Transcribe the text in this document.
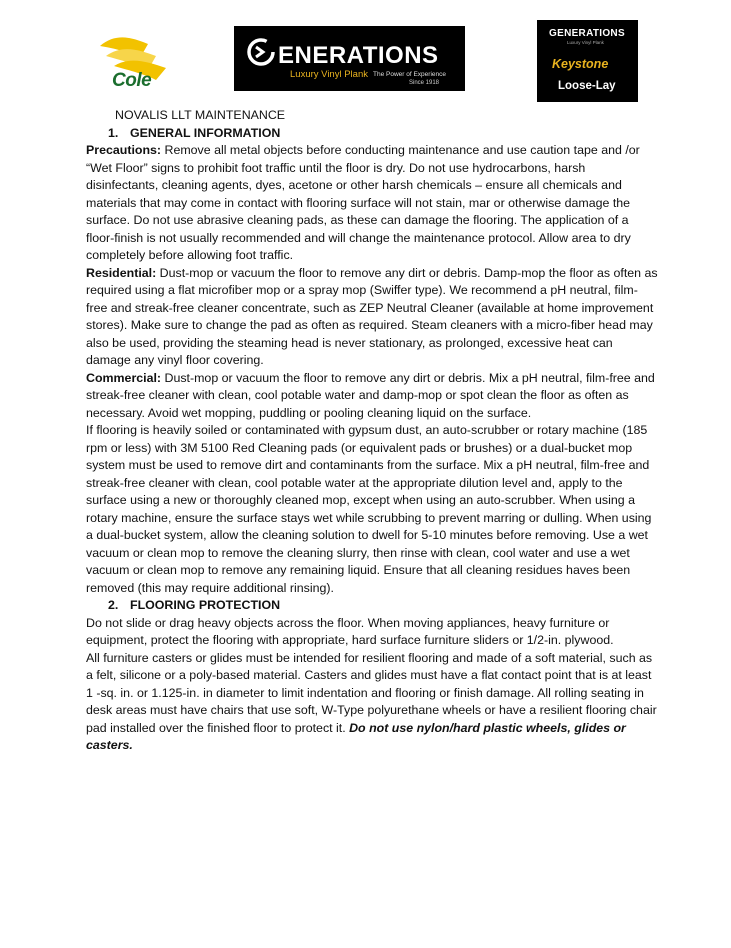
Cole
ENERATIONS
Luxury Vinyl Plank The Power of Experience
Since 1918
GENERATIONS
Luxury Vinyl Plank
Keystone
Loose-Lay

NOVALIS LLT MAINTENANCE

1. GENERAL INFORMATION

Precautions: Remove all metal objects before conducting maintenance and use caution tape and /or “Wet Floor” signs to prohibit foot traffic until the floor is dry. Do not use hydrocarbons, harsh disinfectants, cleaning agents, dyes, acetone or other harsh chemicals – ensure all chemicals and materials that may come in contact with flooring surface will not stain, mar or otherwise damage the surface. Do not use abrasive cleaning pads, as these can damage the flooring. The application of a floor-finish is not usually recommended and will change the maintenance protocol. Allow area to dry completely before allowing foot traffic.

Residential: Dust-mop or vacuum the floor to remove any dirt or debris. Damp-mop the floor as often as required using a flat microfiber mop or a spray mop (Swiffer type). We recommend a pH neutral, film-free and streak-free cleaner concentrate, such as ZEP Neutral Cleaner (available at home improvement stores). Make sure to change the pad as often as required. Steam cleaners with a micro-fiber head may also be used, providing the steaming head is never stationary, as prolonged, excessive heat can damage any vinyl floor covering.

Commercial: Dust-mop or vacuum the floor to remove any dirt or debris. Mix a pH neutral, film-free and streak-free cleaner with clean, cool potable water and damp-mop or spot clean the floor as often as necessary. Avoid wet mopping, puddling or pooling cleaning liquid on the surface.

If flooring is heavily soiled or contaminated with gypsum dust, an auto-scrubber or rotary machine (185 rpm or less) with 3M 5100 Red Cleaning pads (or equivalent pads or brushes) or a dual-bucket mop system must be used to remove dirt and contaminants from the surface. Mix a pH neutral, film-free and streak-free cleaner with clean, cool potable water at the appropriate dilution level and, apply to the surface using a new or thoroughly cleaned mop, except when using an auto-scrubber. When using a rotary machine, ensure the surface stays wet while scrubbing to prevent marring or dulling. When using a dual-bucket system, allow the cleaning solution to dwell for 5-10 minutes before removing. Use a wet vacuum or clean mop to remove the cleaning slurry, then rinse with clean, cool water and use a wet vacuum or clean mop to remove any remaining liquid. Ensure that all cleaning residues haves been removed (this may require additional rinsing).

2. FLOORING PROTECTION

Do not slide or drag heavy objects across the floor. When moving appliances, heavy furniture or equipment, protect the flooring with appropriate, hard surface furniture sliders or 1/2-in. plywood.

All furniture casters or glides must be intended for resilient flooring and made of a soft material, such as a felt, silicone or a poly-based material. Casters and glides must have a flat contact point that is at least 1 -sq. in. or 1.125-in. in diameter to limit indentation and flooring or finish damage. All rolling seating in desk areas must have chairs that use soft, W-Type polyurethane wheels or have a resilient flooring chair pad installed over the finished floor to protect it. Do not use nylon/hard plastic wheels, glides or casters.
